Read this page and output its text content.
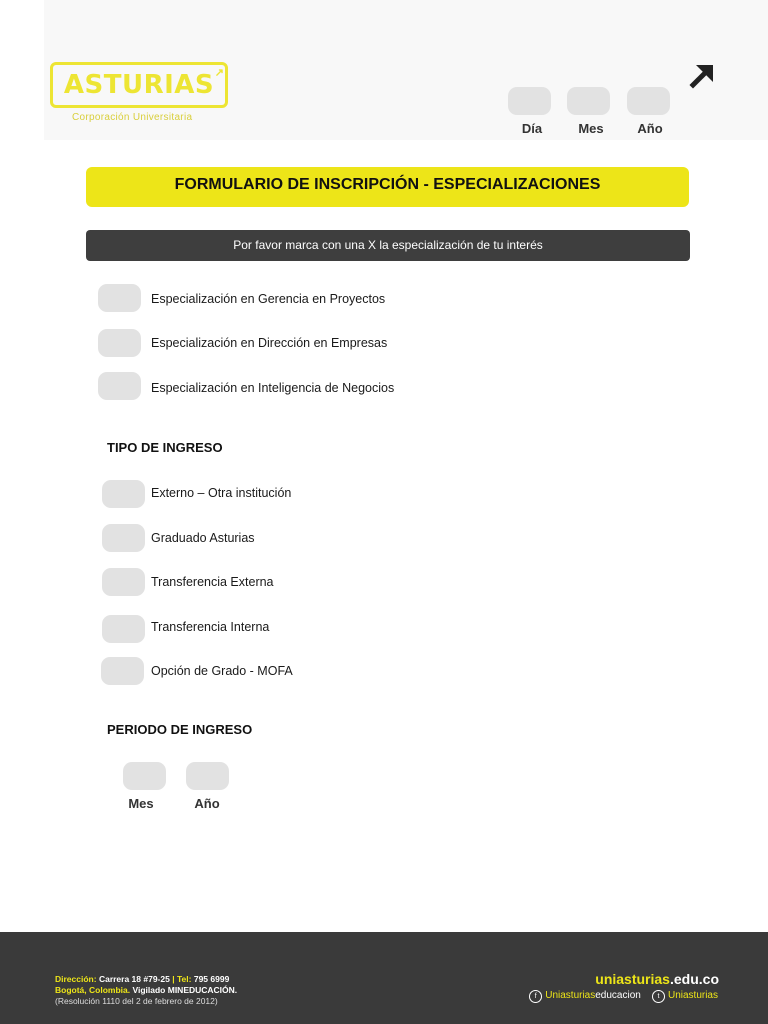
ASTURIAS ↗
Corporación Universitaria
Día	Mes	Año
FORMULARIO DE INSCRIPCIÓN - ESPECIALIZACIONES
Por favor marca con una X la especialización de tu interés
Especialización en Gerencia en Proyectos
Especialización en Dirección en Empresas
Especialización en Inteligencia de Negocios
TIPO DE INGRESO
Externo – Otra institución
Graduado Asturias
Transferencia Externa
Transferencia Interna
Opción de Grado - MOFA
PERIODO DE INGRESO
Mes	Año
Dirección: Carrera 18 #79-25 | Tel: 795 6999
Bogotá, Colombia. Vigilado MINEDUCACIÓN.
(Resolución 1110 del 2 de febrero de 2012)
uniasturias.edu.co
f Uniasturiaseducacion t Uniasturias
